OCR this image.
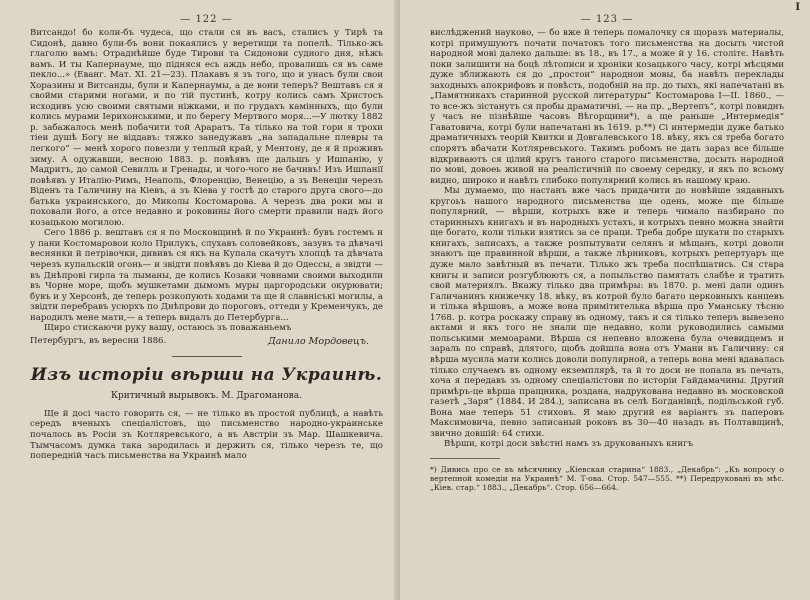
— 122 —

Витсандо! бо коли-бъ чудеса, що стали ся въ васъ, сталисъ у Тирѣ та Сидонѣ, давно були-бъ вони покаялисъ у веретищи та попелѣ. Тілько-жъ глаголю вамъ: Отраднѣйше буде Тирови та Сидонови судного дня, нѣжъ вамъ. И ты Капернауме, що підняся есь аждь небо, провалишь ся въ саме пекло...» (Еванг. Мат. XI. 21—23). Плакавъ я зъ того, що и унасъ були свои Хоразины и Витсанды, були и Капернаумы, а де вони теперъ? Вештавъ ся я свойми старими ногами, и по тій пустинѣ, котру колись самъ Христосъ исходивъ усю своими святыми ніжками, и по грудахъ камінныхъ, що були колись мурами Іерихонськими, и по берегу Мертвого моря...—У лютку 1882 р. забажалось менѣ побачити той Араратъ. Та тілько на той гори я трохи тіеи душѣ Богу не віддавъ: тяжко занедужавъ „на западальне плевры та легкого“ — менѣ хорого повезли у теплый край, у Ментону, де я й проживъ зиму. А одужавши, весною 1883. р. повѣявъ ще дальшъ у Ишпанію, у Мадритъ, до самой Севилль и Гренады, и чого-чого не бачивъ! Изъ Ишпанії повѣявъ у Италію-Римъ, Неаполь, Флоренцію, Венецію, а зъ Венеціи черезъ Віденъ та Галичину на Кіевъ, а зъ Кіева у гостѣ до старого друга свого—до батька украинського, до Миколы Костомарова. А черезъ два роки мы и поховали його, а отсе недавно и роковины його смерти правили надъ його козацькою могилою.

Сего 1886 р. вештавъ ся я по Московщинѣ й по Украинѣ: бувъ гостемъ и у пани Костомаровои коло Прилукъ, слухавъ соловейковъ, зазувъ та дѣвчачі веснянки й петрівочки, дививъ ся якъ на Купала скачутъ хлопцѣ та дѣвчата черезъ купальскій огонь— и звідти повѣявъ до Кіева й до Одессы, а звідти — въ Днѣпрові гирла та лыманы, де колись Козаки човнами своими выходили въ Чорне море, щобъ мушкетами дымомъ муры царгородськи окурювати; бувъ и у Херсонѣ, де теперь розкопують ходами та ще й славнісъкі могилы, а звідти перебравъ усюрхъ по Днѣпрови до пороговъ, оттеди у Кременчукъ, де народилъ мене мати,— а теперь видалъ до Петербурга...

Щиро стискаючи руку вашу, остаюсь зъ поважаньемъ

Петербургъ, въ вересни 1886.	Данило Мордовецъ.
Изъ исторіи вѣрши на Украинѣ.
Критичный вырывокъ. М. Драгоманова.

Ще й досі часто говорить ся, — не тілько въ простой публицѣ, а навѣть середъ вченыхъ спеціалістовъ, що письменство народно-украинське почалось въ Росіи зъ Котляревського, а въ Австріи зъ Мар. Шашкевича. Тымчасомъ думка така зародилась и держить ся, тілько черезъ те, що попередній часъ письменства на Украинѣ мало

I
— 123 —

вислѣджений науково, — бо вже й теперь помалочку ся щоразъ материалы, котрі примушуютъ почати початокъ того письменства на досыть чистой народной мові далеко дальше: въ 18., въ 17., а може й у 16. столітє. Навѣть поки залишити на боцѣ лѣтописи и хроніки козацького часу, котрі мѣсцями дуже зближають ся до „простои“ народнои мовы, ба навѣть переклады заходныхъ апокрифовъ и повѣсть, подобній на пр. до тыхъ, які напечатані въ „Памятникахъ старинной русской литературы“ Костомарова I—II. 1860., — то все-жъ зістанутъ ся пробы драматичні, — на пр. „Вертепъ“, котрі повиднъ у часъ не пізнѣйше часовъ Вѣгорщини*), а ще раньше „Интермедія“ Гаватовича, котрі були напечатані въ 1619. р.**) Сі интермедіи дуже батько драматичныхъ теорій Квитки и Довгалевського 18. вѣку, якъ ся треба богато спорятъ вбачати Котляревського. Такимъ робомъ не дать зараз все більше відкриваютъ ся цілий кругъ таного старого письменства, досыть народной по мові, довоеь живой на реалістичній по своему середку, и якъ по всьому видно, широко и навѣть глибоко популярний колись въ нашому краю.

Мы думаемо, що настанъ вже часъ придачити до новѣйше зядавныхъ кругоьъ нашого народного письменства ще одень, може ще більше популярний, — вѣрши, котрыхъ вже и теперь чимало назбирано по старинныхъ книгахъ и въ народныхъ устахъ, и котрыхъ певно можна знайти ще богато, коли тільки взятись за се праци. Треба добре шукати по старыхъ книгахъ, записахъ, а также розпытувати селянъ и мѣщанъ, котрі доволи знаютъ ще правинной вѣрши, а также лѣрниковъ, котрыхъ репертуаръ ще дуже мало завѣтный въ печати. Тілько жъ треба поспѣшатись. Ся стара книгы и записи розгублюютъ ся, а попыльство памятать слабѣе и тратить свой материялъ. Вкажу тілько два примѣры: въ 1870. р. мені дали одинъ Галичанинъ книжечку 18. вѣку, въ котрой було багато церковныхъ канцевъ и тілька вѣршовъ, а може вона примітителька вѣрша про Уманську тѣсню 1768. р. котра роскажу справу въ одному, такъ и ся тілько теперъ вывезено актами и якъ того не знали ще недавно, коли руководились самыми польськими мемоарами. Вѣрша ся непевно вложена була очевидцемъ и зараль по справѣ, длятого, щобъ дойшла вона отъ Умани въ Галичину: ся вѣрша мусила мати колись доволи популярной, а теперь вона мені вдавалась тілько случаемъ въ одному екземплярѣ, та й то доси не попала въ печать, хоча я передавъ зъ одному спеціалістови по исторіи Гайдамачины. Другий примѣръ-це вѣрша пращника, роздана, надрукована недавно въ московской газетѣ „Заря“ (1884. И 284.), записана въ селѣ Богданівцѣ, подільськой губ. Вона мае теперь 51 стиховъ. Я маю другий ея варіантъ зъ паперовъ Максимовича, певно записаный роковъ въ 30—40 назадъ въ Полтавщинѣ, звично довшій: 64 стихи.

Вѣрши, котрі доси звѣстні намъ зъ друкованыхъ книгъ

*) Дивись про се въ мѣсячнику „Кіевская старина“ 1883., „Декабрь“: „Къ вопросу о вертепной комедіи на Украинѣ“ М. Т-ова. Стор. 547—555. **) Передруковані въ мѣс. „Кіев. стар.“ 1883., „Декабрь“. Стор. 656—664.
